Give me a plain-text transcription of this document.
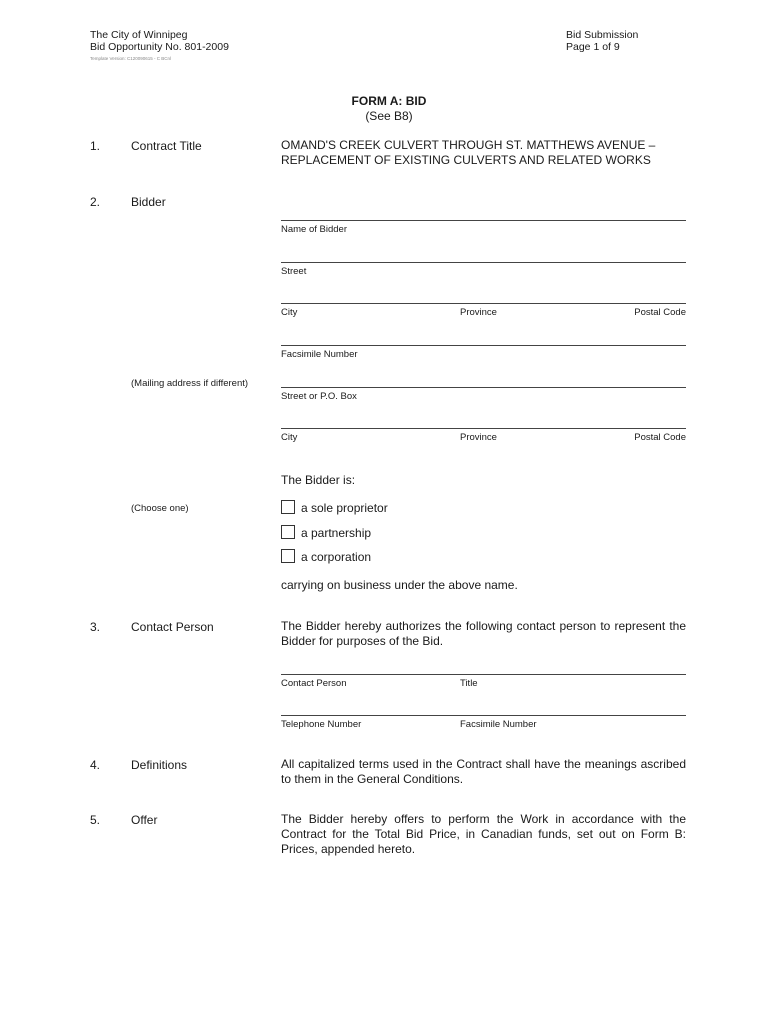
The City of Winnipeg
Bid Opportunity No. 801-2009
Template Version: C120090615 - C BCnl
Bid Submission
Page 1 of 9
FORM A: BID
(See B8)
1.	Contract Title	OMAND'S CREEK CULVERT THROUGH ST. MATTHEWS AVENUE –
REPLACEMENT OF EXISTING CULVERTS AND RELATED WORKS
2.	Bidder
Name of Bidder
Street
City	Province	Postal Code
Facsimile Number
(Mailing address if different)
Street or P.O. Box
City	Province	Postal Code
The Bidder is:
(Choose one)	a sole proprietor
a partnership
a corporation
carrying on business under the above name.
3.	Contact Person	The Bidder hereby authorizes the following contact person to represent the Bidder for purposes of the Bid.
Contact Person	Title
Telephone Number	Facsimile Number
4.	Definitions	All capitalized terms used in the Contract shall have the meanings ascribed to them in the General Conditions.
5.	Offer	The Bidder hereby offers to perform the Work in accordance with the Contract for the Total Bid Price, in Canadian funds, set out on Form B: Prices, appended hereto.
